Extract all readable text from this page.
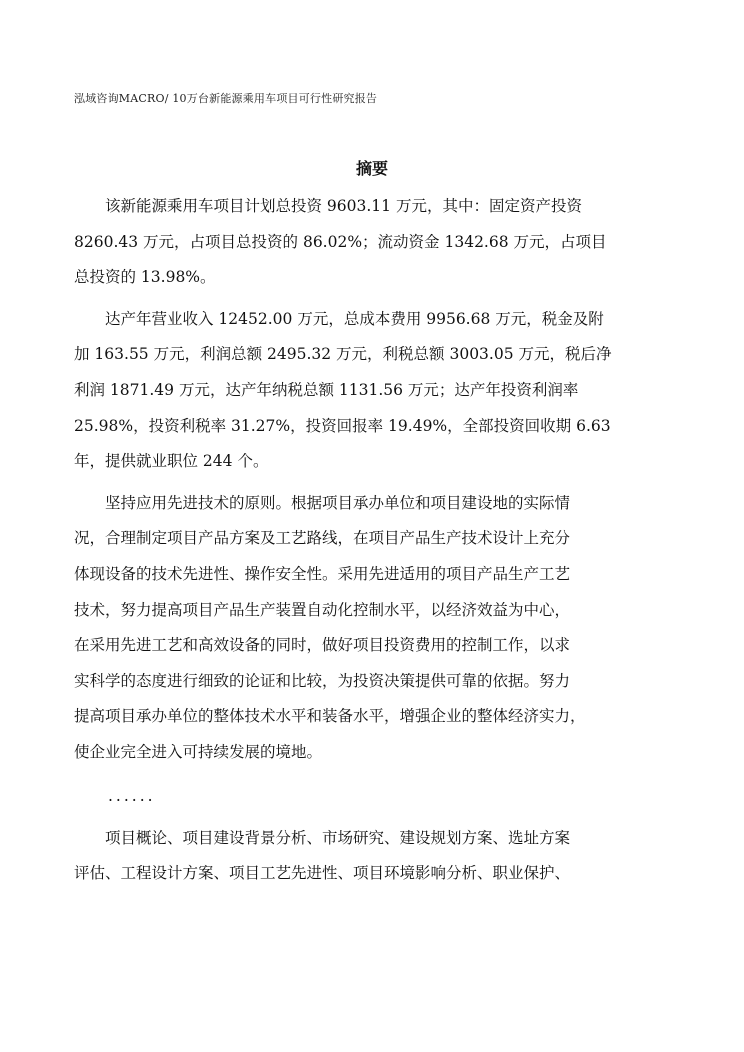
泓域咨询MACRO/ 10万台新能源乘用车项目可行性研究报告
摘要
　　该新能源乘用车项目计划总投资 9603.11 万元，其中：固定资产投资
8260.43 万元，占项目总投资的 86.02%；流动资金 1342.68 万元，占项目
总投资的 13.98%。
　　达产年营业收入 12452.00 万元，总成本费用 9956.68 万元，税金及附
加 163.55 万元，利润总额 2495.32 万元，利税总额 3003.05 万元，税后净
利润 1871.49 万元，达产年纳税总额 1131.56 万元；达产年投资利润率
25.98%，投资利税率 31.27%，投资回报率 19.49%，全部投资回收期 6.63
年，提供就业职位 244 个。
　　坚持应用先进技术的原则。根据项目承办单位和项目建设地的实际情
况，合理制定项目产品方案及工艺路线，在项目产品生产技术设计上充分
体现设备的技术先进性、操作安全性。采用先进适用的项目产品生产工艺
技术，努力提高项目产品生产装置自动化控制水平，以经济效益为中心，
在采用先进工艺和高效设备的同时，做好项目投资费用的控制工作，以求
实科学的态度进行细致的论证和比较，为投资决策提供可靠的依据。努力
提高项目承办单位的整体技术水平和装备水平，增强企业的整体经济实力，
使企业完全进入可持续发展的境地。
......
　　项目概论、项目建设背景分析、市场研究、建设规划方案、选址方案
评估、工程设计方案、项目工艺先进性、项目环境影响分析、职业保护、
